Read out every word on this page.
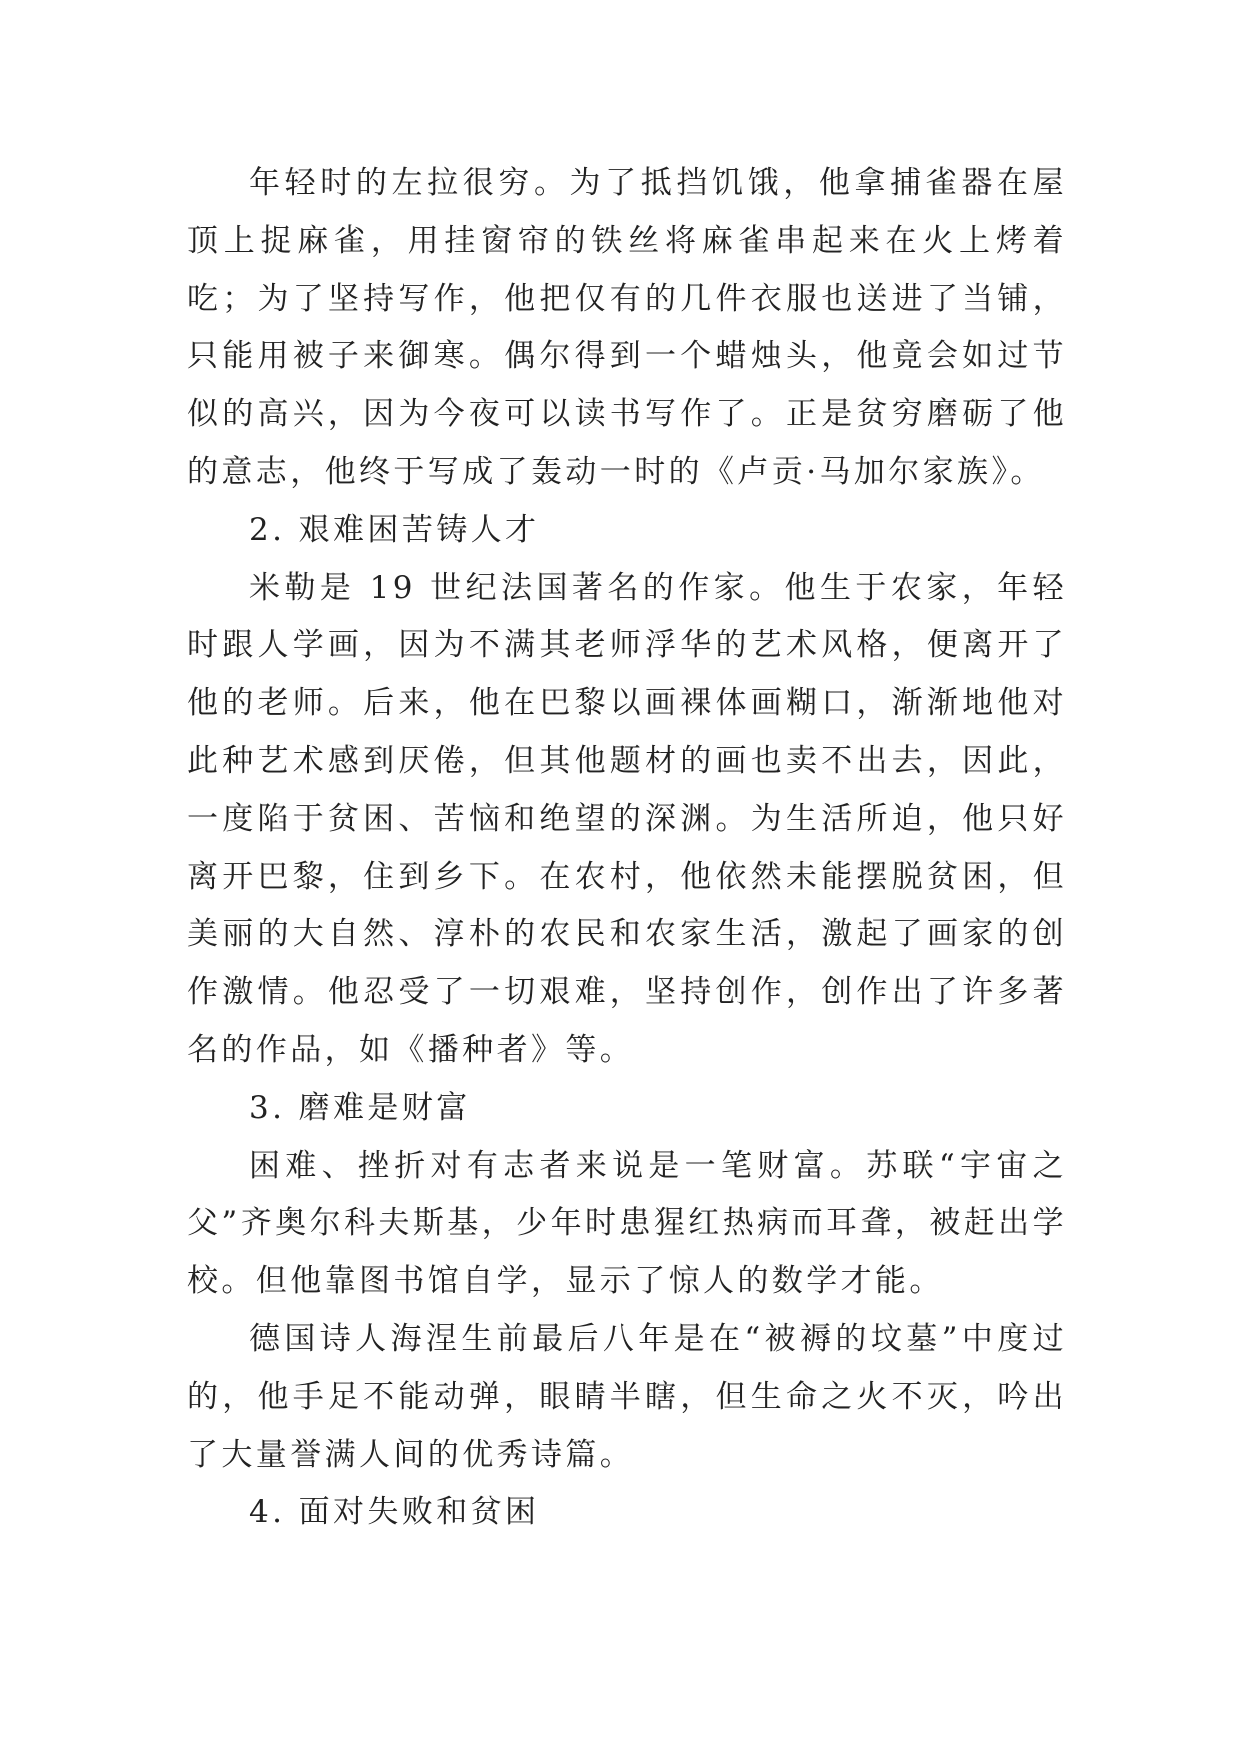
年轻时的左拉很穷。为了抵挡饥饿，他拿捕雀器在屋顶上捉麻雀，用挂窗帘的铁丝将麻雀串起来在火上烤着吃；为了坚持写作，他把仅有的几件衣服也送进了当铺，只能用被子来御寒。偶尔得到一个蜡烛头，他竟会如过节似的高兴，因为今夜可以读书写作了。正是贫穷磨砺了他的意志，他终于写成了轰动一时的《卢贡·马加尔家族》。

2. 艰难困苦铸人才

米勒是 19 世纪法国著名的作家。他生于农家，年轻时跟人学画，因为不满其老师浮华的艺术风格，便离开了他的老师。后来，他在巴黎以画裸体画糊口，渐渐地他对此种艺术感到厌倦，但其他题材的画也卖不出去，因此，一度陷于贫困、苦恼和绝望的深渊。为生活所迫，他只好离开巴黎，住到乡下。在农村，他依然未能摆脱贫困，但美丽的大自然、淳朴的农民和农家生活，激起了画家的创作激情。他忍受了一切艰难，坚持创作，创作出了许多著名的作品，如《播种者》等。

3. 磨难是财富

困难、挫折对有志者来说是一笔财富。苏联“宇宙之父”齐奥尔科夫斯基，少年时患猩红热病而耳聋，被赶出学校。但他靠图书馆自学，显示了惊人的数学才能。

德国诗人海涅生前最后八年是在“被褥的坟墓”中度过的，他手足不能动弹，眼睛半瞎，但生命之火不灭，吟出了大量誉满人间的优秀诗篇。

4. 面对失败和贫困
